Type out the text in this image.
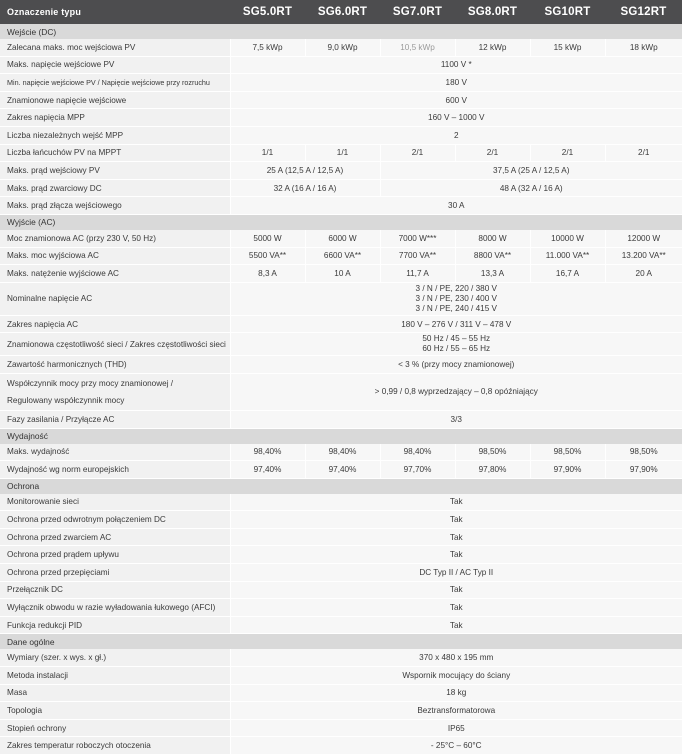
Oznaczenie typu	SG5.0RT	SG6.0RT	SG7.0RT	SG8.0RT	SG10RT	SG12RT
Wejście (DC)						
Zalecana maks. moc wejściowa PV	7,5 kWp	9,0 kWp	10,5 kWp	12 kWp	15 kWp	18 kWp
Maks. napięcie wejściowe PV	1100 V *					
Min. napięcie wejściowe PV / Napięcie wejściowe przy rozruchu	180 V					
Znamionowe napięcie wejściowe	600 V					
Zakres napięcia MPP	160 V – 1000 V					
Liczba niezależnych wejść MPP	2					
Liczba łańcuchów PV na MPPT	1/1	1/1	2/1	2/1	2/1	2/1
Maks. prąd wejściowy PV	25 A (12,5 A / 12,5 A)		37,5 A (25 A / 12,5 A)			
Maks. prąd zwarciowy DC	32 A (16 A / 16 A)		48 A (32 A / 16 A)			
Maks. prąd złącza wejściowego	30 A					
Wyjście (AC)						
Moc znamionowa AC (przy 230 V, 50 Hz)	5000 W	6000 W	7000 W***	8000 W	10000 W	12000 W
Maks. moc wyjściowa AC	5500 VA**	6600 VA**	7700 VA**	8800 VA**	11.000 VA**	13.200 VA**
Maks. natężenie wyjściowe AC	8,3 A	10 A	11,7 A	13,3 A	16,7 A	20 A
Nominalne napięcie AC	3 / N / PE, 220 / 380 V
3 / N / PE, 230 / 400 V
3 / N / PE, 240 / 415 V					

Zakres napięcia AC	180 V – 276 V / 311 V – 478 V					
Znamionowa częstotliwość sieci / Zakres częstotliwości sieci	50 Hz / 45 – 55 Hz
60 Hz / 55 – 65 Hz					

Zawartość harmonicznych (THD)	< 3 % (przy mocy znamionowej)					

Współczynnik mocy przy mocy znamionowej /
Regulowany współczynnik mocy	> 0,99 / 0,8 wyprzedzający – 0,8 opóźniający					
Fazy zasilania / Przyłącze AC	3/3					
Wydajność						
Maks. wydajność	98,40%	98,40%	98,40%	98,50%	98,50%	98,50%
Wydajność wg norm europejskich	97,40%	97,40%	97,70%	97,80%	97,90%	97,90%
Ochrona						
Monitorowanie sieci	Tak					
Ochrona przed odwrotnym połączeniem DC	Tak					
Ochrona przed zwarciem AC	Tak					
Ochrona przed prądem upływu	Tak					
Ochrona przed przepięciami	DC Typ II / AC Typ II					
Przełącznik DC	Tak					
Wyłącznik obwodu w razie wyładowania łukowego (AFCI)	Tak					
Funkcja redukcji PID	Tak					
Dane ogólne						
Wymiary (szer. x wys. x gł.)	370 x 480 x 195 mm					
Metoda instalacji	Wspornik mocujący do ściany					
Masa	18 kg					
Topologia	Beztransformatorowa					
Stopień ochrony	IP65					
Zakres temperatur roboczych otoczenia	- 25°C – 60°C					
